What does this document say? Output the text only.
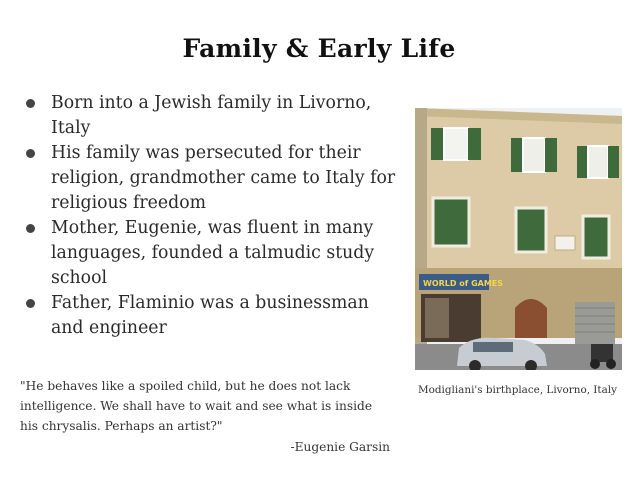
Family & Early Life
Born into a Jewish family in Livorno, Italy
His family was persecuted for their religion, grandmother came to Italy for religious freedom
Mother, Eugenie, was fluent in many languages, founded a talmudic study school
Father, Flaminio was a businessman and engineer
"He behaves like a spoiled child, but he does not lack intelligence. We shall have to wait and see what is inside his chrysalis. Perhaps an artist?"
-Eugenie Garsin
WORLD of GAMES
Modigliani's birthplace, Livorno, Italy
